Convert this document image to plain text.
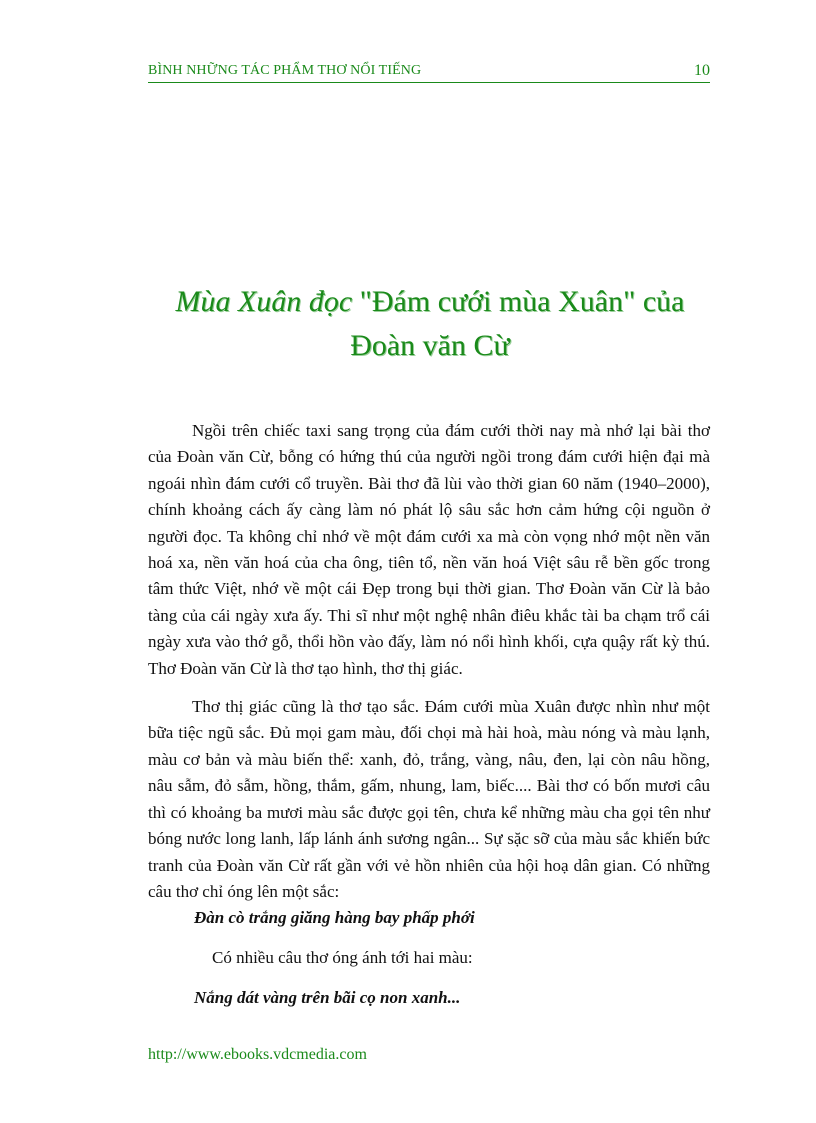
BÌNH NHỮNG TÁC PHẨM THƠ NỔI TIẾNG	10
Mùa Xuân đọc "Đám cưới mùa Xuân" của
Đoàn văn Cừ

Ngồi trên chiếc taxi sang trọng của đám cưới thời nay mà nhớ lại bài thơ của Đoàn văn Cừ, bỗng có hứng thú của người ngồi trong đám cưới hiện đại mà ngoái nhìn đám cưới cổ truyền. Bài thơ đã lùi vào thời gian 60 năm (1940–2000), chính khoảng cách ấy càng làm nó phát lộ sâu sắc hơn cảm hứng cội nguồn ở người đọc. Ta không chỉ nhớ về một đám cưới xa mà còn vọng nhớ một nền văn hoá xa, nền văn hoá của cha ông, tiên tổ, nền văn hoá Việt sâu rễ bền gốc trong tâm thức Việt, nhớ về một cái Đẹp trong bụi thời gian. Thơ Đoàn văn Cừ là bảo tàng của cái ngày xưa ấy. Thi sĩ như một nghệ nhân điêu khắc tài ba chạm trổ cái ngày xưa vào thớ gỗ, thổi hồn vào đấy, làm nó nổi hình khối, cựa quậy rất kỳ thú. Thơ Đoàn văn Cừ là thơ tạo hình, thơ thị giác.

Thơ thị giác cũng là thơ tạo sắc. Đám cưới mùa Xuân được nhìn như một bữa tiệc ngũ sắc. Đủ mọi gam màu, đối chọi mà hài hoà, màu nóng và màu lạnh, màu cơ bản và màu biến thể: xanh, đỏ, trắng, vàng, nâu, đen, lại còn nâu hồng, nâu sẫm, đỏ sẫm, hồng, thắm, gấm, nhung, lam, biếc.... Bài thơ có bốn mươi câu thì có khoảng ba mươi màu sắc được gọi tên, chưa kể những màu cha gọi tên như bóng nước long lanh, lấp lánh ánh sương ngân... Sự sặc sỡ của màu sắc khiến bức tranh của Đoàn văn Cừ rất gần với vẻ hồn nhiên của hội hoạ dân gian. Có những câu thơ chỉ óng lên một sắc:

Đàn cò trắng giăng hàng bay phấp phới
Có nhiều câu thơ óng ánh tới hai màu:
Nắng dát vàng trên bãi cọ non xanh...
http://www.ebooks.vdcmedia.com
